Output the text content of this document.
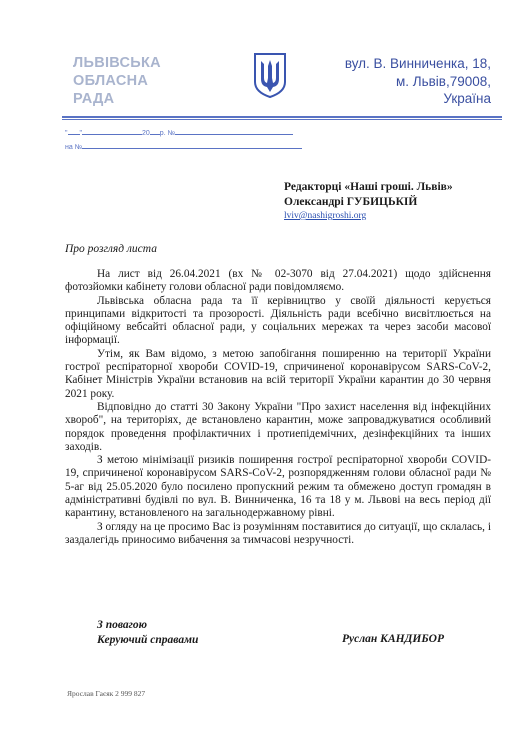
ЛЬВІВСЬКА
ОБЛАСНА
РАДА
вул. В. Винниченка, 18,
м. Львів,79008,
Україна
" "	20 р. №
на №
Редакторці «Наші гроші. Львів»
Олександрі ГУБИЦЬКІЙ
lviv@nashigroshi.org
Про розгляд листа

На лист від 26.04.2021 (вх № 02-3070 від 27.04.2021) щодо здійснення фотозйомки кабінету голови обласної ради повідомляємо.

Львівська обласна рада та її керівництво у своїй діяльності керується принципами відкритості та прозорості. Діяльність ради всебічно висвітлюється на офіційному вебсайті обласної ради, у соціальних мережах та через засоби масової інформації.

Утім, як Вам відомо, з метою запобігання поширенню на території України гострої респіраторної хвороби COVID-19, спричиненої коронавірусом SARS-CoV-2, Кабінет Міністрів України встановив на всій території України карантин до 30 червня 2021 року.

Відповідно до статті 30 Закону України "Про захист населення від інфекційних хвороб", на територіях, де встановлено карантин, може запроваджуватися особливий порядок проведення профілактичних і протиепідемічних, дезінфекційних та інших заходів.

З метою мінімізації ризиків поширення гострої респіраторної хвороби COVID-19, спричиненої коронавірусом SARS-CoV-2, розпорядженням голови обласної ради № 5-аг від 25.05.2020 було посилено пропускний режим та обмежено доступ громадян в адміністративні будівлі по вул. В. Винниченка, 16 та 18 у м. Львові на весь період дії карантину, встановленого на загальнодержавному рівні.

З огляду на це просимо Вас із розумінням поставитися до ситуації, що склалась, і заздалегідь приносимо вибачення за тимчасові незручності.

З повагою
Керуючий справами	Руслан КАНДИБОР
Ярослав Гаєяк 2 999 827
